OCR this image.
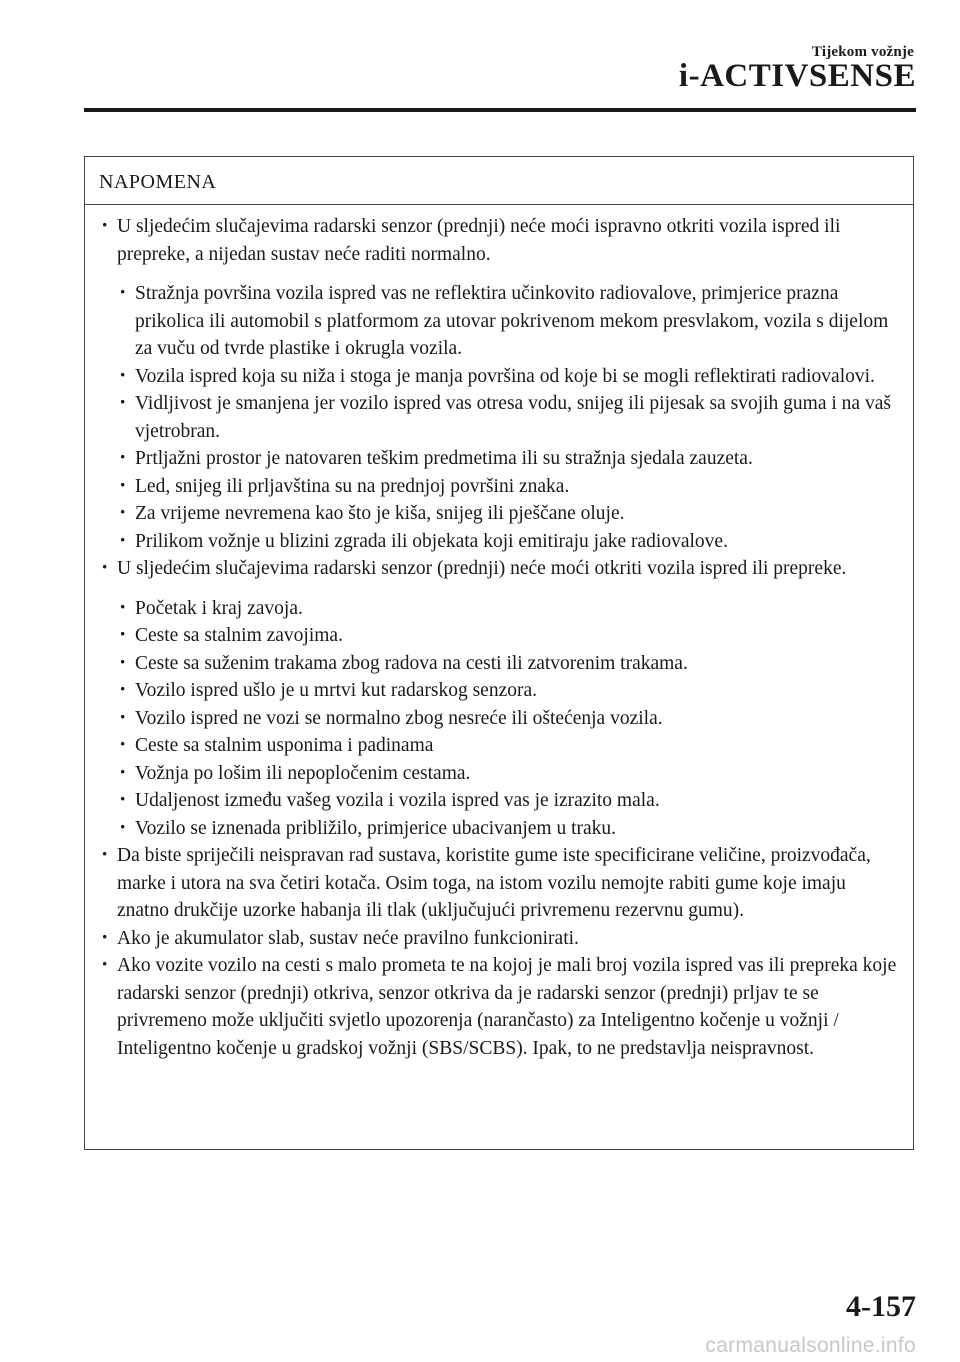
Tijekom vožnje
i-ACTIVSENSE
NAPOMENA
· U sljedećim slučajevima radarski senzor (prednji) neće moći ispravno otkriti vozila ispred ili prepreke, a nijedan sustav neće raditi normalno.
· Stražnja površina vozila ispred vas ne reflektira učinkovito radiovalove, primjerice prazna prikolica ili automobil s platformom za utovar pokrivenom mekom presvlakom, vozila s dijelom za vuču od tvrde plastike i okrugla vozila.
· Vozila ispred koja su niža i stoga je manja površina od koje bi se mogli reflektirati radiovalovi.
· Vidljivost je smanjena jer vozilo ispred vas otresa vodu, snijeg ili pijesak sa svojih guma i na vaš vjetrobran.
· Prtljažni prostor je natovaren teškim predmetima ili su stražnja sjedala zauzeta.
· Led, snijeg ili prljavština su na prednjoj površini znaka.
· Za vrijeme nevremena kao što je kiša, snijeg ili pješčane oluje.
· Prilikom vožnje u blizini zgrada ili objekata koji emitiraju jake radiovalove.
· U sljedećim slučajevima radarski senzor (prednji) neće moći otkriti vozila ispred ili prepreke.
· Početak i kraj zavoja.
· Ceste sa stalnim zavojima.
· Ceste sa suženim trakama zbog radova na cesti ili zatvorenim trakama.
· Vozilo ispred ušlo je u mrtvi kut radarskog senzora.
· Vozilo ispred ne vozi se normalno zbog nesreće ili oštećenja vozila.
· Ceste sa stalnim usponima i padinama
· Vožnja po lošim ili nepopločenim cestama.
· Udaljenost između vašeg vozila i vozila ispred vas je izrazito mala.
· Vozilo se iznenada približilo, primjerice ubacivanjem u traku.
· Da biste spriječili neispravan rad sustava, koristite gume iste specificirane veličine, proizvođača, marke i utora na sva četiri kotača. Osim toga, na istom vozilu nemojte rabiti gume koje imaju znatno drukčije uzorke habanja ili tlak (uključujući privremenu rezervnu gumu).
· Ako je akumulator slab, sustav neće pravilno funkcionirati.
· Ako vozite vozilo na cesti s malo prometa te na kojoj je mali broj vozila ispred vas ili prepreka koje radarski senzor (prednji) otkriva, senzor otkriva da je radarski senzor (prednji) prljav te se privremeno može uključiti svjetlo upozorenja (narančasto) za Inteligentno kočenje u vožnji / Inteligentno kočenje u gradskoj vožnji (SBS/SCBS). Ipak, to ne predstavlja neispravnost.
4-157
carmanualsonline.info
